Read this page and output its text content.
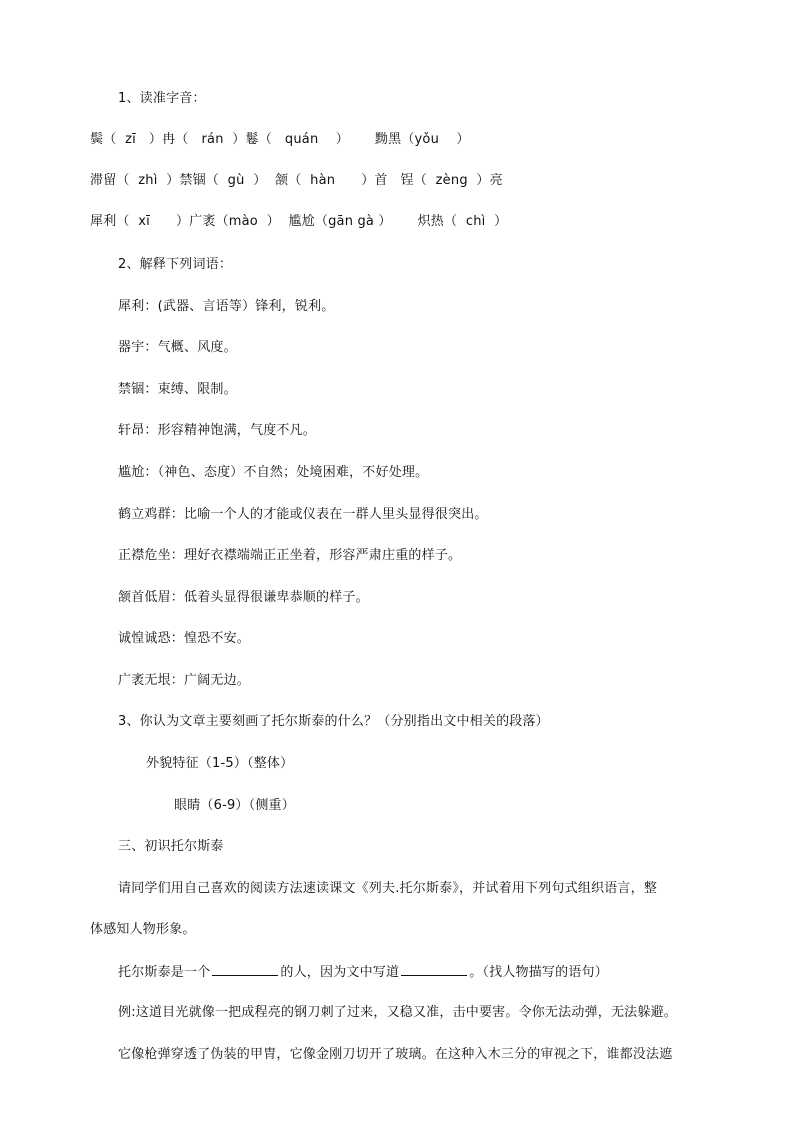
1、读准字音：
鬓（  zī   ）冉（   rán  ）鬈（   quán    ）      黝黑（yǒu    ）
滞留（  zhì  ）禁锢（  gù  ）  颔（  hàn      ）首   锃（  zèng  ）亮
犀利（  xī      ）广袤（mào  ）  尴尬（gān gà ）      炽热（  chì  ）
2、解释下列词语：
犀利：(武器、言语等）锋利，锐利。
器宇：气概、风度。
禁锢：束缚、限制。
轩昂：形容精神饱满，气度不凡。
尴尬：（神色、态度）不自然；处境困难，不好处理。
鹤立鸡群：比喻一个人的才能或仪表在一群人里头显得很突出。
正襟危坐：理好衣襟端端正正坐着，形容严肃庄重的样子。
颔首低眉：低着头显得很谦卑恭顺的样子。
诚惶诚恐：惶恐不安。
广袤无垠：广阔无边。
3、你认为文章主要刻画了托尔斯泰的什么？（分别指出文中相关的段落）
外貌特征（1-5）（整体）
眼睛（6-9）（侧重）
三、初识托尔斯泰
请同学们用自己喜欢的阅读方法速读课文《列夫.托尔斯泰》，并试着用下列句式组织语言，整
体感知人物形象。
托尔斯泰是一个	的人，因为文中写道	。（找人物描写的语句）
例:这道目光就像一把成程亮的钢刀刺了过来，又稳又准，击中要害。令你无法动弹，无法躲避。
它像枪弹穿透了伪装的甲胄，它像金刚刀切开了玻璃。在这种入木三分的审视之下，谁都没法遮
